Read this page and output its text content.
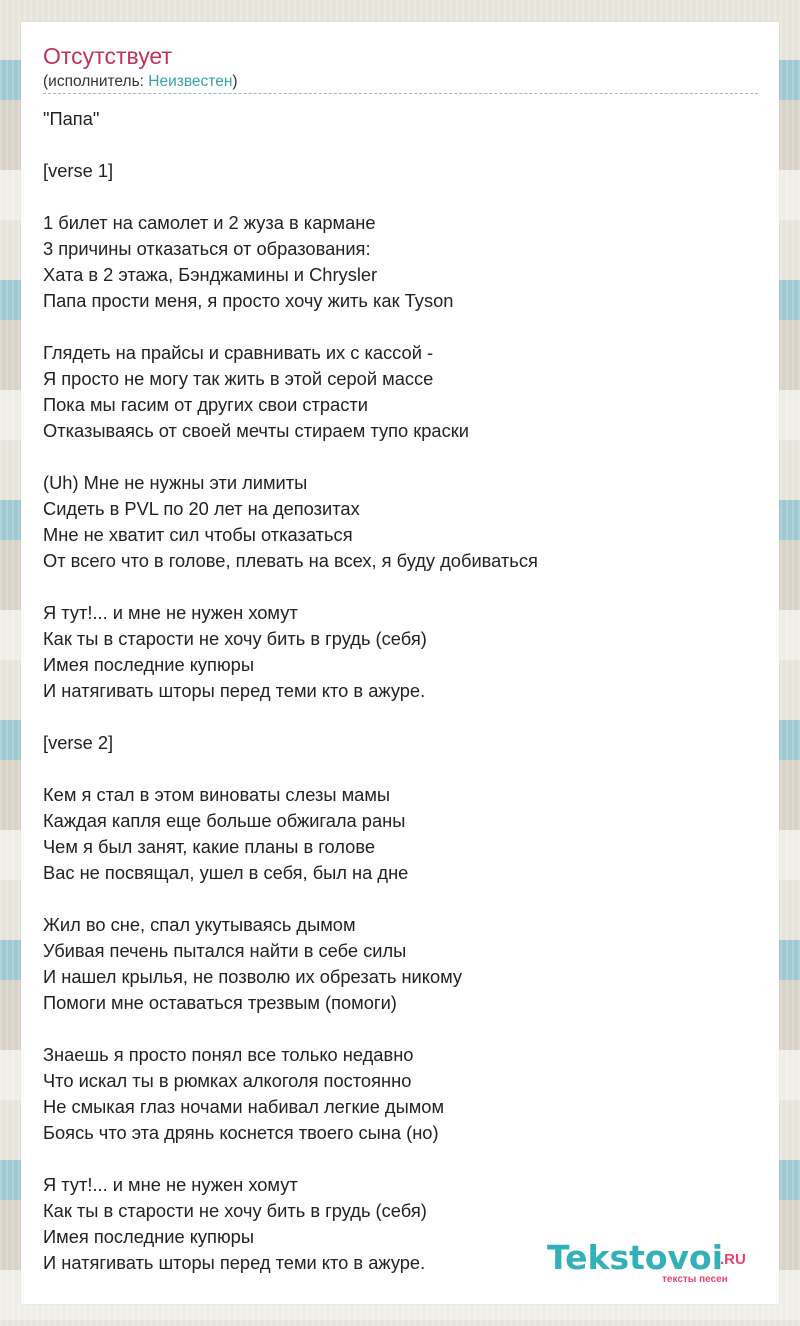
Отсутствует
(исполнитель: Неизвестен)
"Папа"
[verse 1]
1 билет на самолет и 2 жуза в кармане
3 причины отказаться от образования:
Хата в 2 этажа, Бэнджамины и Chrysler
Папа прости меня, я просто хочу жить как Tyson
Глядеть на прайсы и сравнивать их с кассой -
Я просто не могу так жить в этой серой массе
Пока мы гасим от других свои страсти
Отказываясь от своей мечты стираем тупо краски
(Uh) Мне не нужны эти лимиты
Сидеть в PVL по 20 лет на депозитах
Мне не хватит сил чтобы отказаться
От всего что в голове, плевать на всех, я буду добиваться
Я тут!... и мне не нужен хомут
Как ты в старости не хочу бить в грудь (себя)
Имея последние купюры
И натягивать шторы перед теми кто в ажуре.
[verse 2]
Кем я стал в этом виноваты слезы мамы
Каждая капля еще больше обжигала раны
Чем я был занят, какие планы в голове
Вас не посвящал, ушел в себя, был на дне
Жил во сне, спал укутываясь дымом
Убивая печень пытался найти в себе силы
И нашел крылья, не позволю их обрезать никому
Помоги мне оставаться трезвым (помоги)
Знаешь я просто понял все только недавно
Что искал ты в рюмках алкоголя постоянно
Не смыкая глаз ночами набивал легкие дымом
Боясь что эта дрянь коснется твоего сына (но)
Я тут!... и мне не нужен хомут
Как ты в старости не хочу бить в грудь (себя)
Имея последние купюры
И натягивать шторы перед теми кто в ажуре.	Tekstovoi
.RU
тексты песен
